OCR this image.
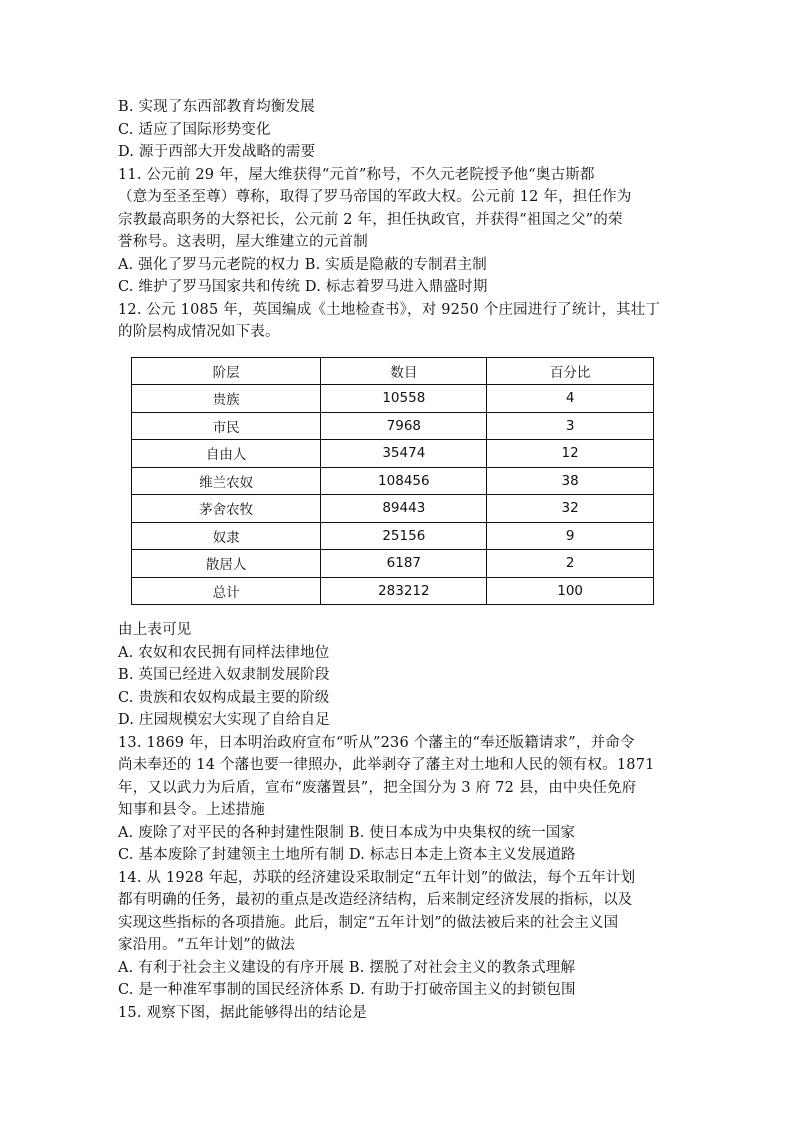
B. 实现了东西部教育均衡发展
C. 适应了国际形势变化
D. 源于西部大开发战略的需要
11. 公元前 29 年，屋大维获得“元首”称号，不久元老院授予他“奥古斯都
（意为至圣至尊）尊称，取得了罗马帝国的军政大权。公元前 12 年，担任作为
宗教最高职务的大祭祀长，公元前 2 年，担任执政官，并获得“祖国之父”的荣
誉称号。这表明，屋大维建立的元首制
A. 强化了罗马元老院的权力 B. 实质是隐蔽的专制君主制
C. 维护了罗马国家共和传统 D. 标志着罗马进入鼎盛时期
12. 公元 1085 年，英国编成《土地检查书》，对 9250 个庄园进行了统计，其壮丁
的阶层构成情况如下表。
阶层	数目	百分比
贵族	10558	4
市民	7968	3
自由人	35474	12
维兰农奴	108456	38
茅舍农牧	89443	32
奴隶	25156	9
散居人	6187	2
总计	283212	100
由上表可见
A. 农奴和农民拥有同样法律地位
B. 英国已经进入奴隶制发展阶段
C. 贵族和农奴构成最主要的阶级
D. 庄园规模宏大实现了自给自足
13. 1869 年，日本明治政府宣布“听从”236 个藩主的“奉还版籍请求”，并命令
尚未奉还的 14 个藩也要一律照办，此举剥夺了藩主对土地和人民的领有权。1871
年，又以武力为后盾，宣布“废藩置县”，把全国分为 3 府 72 县，由中央任免府
知事和县令。上述措施
A. 废除了对平民的各种封建性限制 B. 使日本成为中央集权的统一国家
C. 基本废除了封建领主土地所有制 D. 标志日本走上资本主义发展道路
14. 从 1928 年起，苏联的经济建设采取制定“五年计划”的做法，每个五年计划
都有明确的任务，最初的重点是改造经济结构，后来制定经济发展的指标，以及
实现这些指标的各项措施。此后，制定“五年计划”的做法被后来的社会主义国
家沿用。“五年计划”的做法
A. 有利于社会主义建设的有序开展 B. 摆脱了对社会主义的教条式理解
C. 是一种准军事制的国民经济体系 D. 有助于打破帝国主义的封锁包围
15. 观察下图，据此能够得出的结论是
